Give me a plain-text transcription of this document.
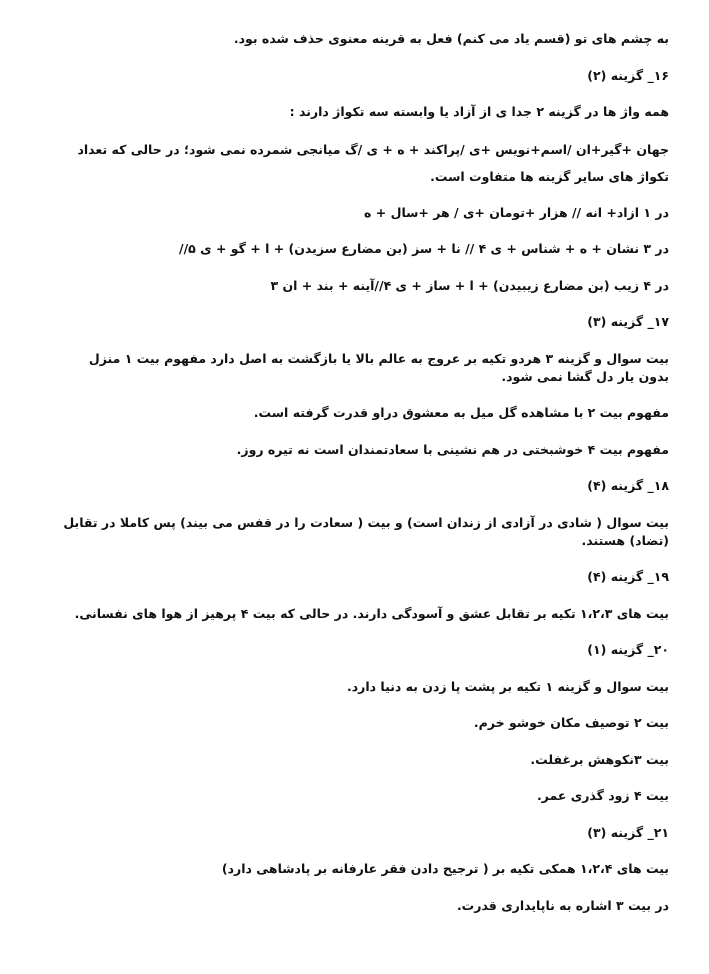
به چشم های تو (قسم یاد می کنم) فعل به قرینه معنوی حذف شده بود.

۱۶_ گزینه (۲)

همه واژ ها در گزینه ۲ جدا ی از آزاد یا وابسته سه تکواژ دارند :

جهان +گیر+ان /اسم+نویس +ی /پراکند + ه + ی /گ میانجی شمرده نمی شود؛ در حالی که تعداد تکواژ های سایر گزینه ها متفاوت است.

در ۱ ازاد+ انه // هزار +تومان +ی / هر +سال + ه

در ۳ نشان + ه + شناس + ی ۴ // نا + سز (بن مضارع سزیدن) + ا + گو + ی ۵//

در ۴ زیب (بن مضارع زیبیدن) + ا + ساز + ی ۴//آینه + بند + ان ۳

۱۷_ گزینه (۳)

بیت سوال و گزینه ۳ هردو تکیه بر عروج به عالم بالا یا بازگشت به اصل دارد مفهوم بیت ۱ منزل بدون یار دل گشا نمی شود.

مفهوم بیت ۲ با مشاهده گل میل به معشوق دراو قدرت گرفته است.

مفهوم بیت ۴ خوشبختی در هم نشینی با سعادتمندان است نه تیره روز.

۱۸_ گزینه (۴)

بیت سوال ( شادی در آزادی از زندان است) و بیت ( سعادت را در قفس می بیند) پس کاملا در تقابل (تضاد) هستند.

۱۹_ گزینه (۴)

بیت های ۱،۲،۳ تکیه بر تقابل عشق و آسودگی دارند. در حالی که بیت ۴ پرهیز از هوا های نفسانی.

۲۰_ گزینه (۱)

بیت سوال و گزینه ۱ تکیه بر پشت پا زدن به دنیا دارد.

بیت ۲ توصیف مکان خوشو خرم.

بیت ۳نکوهش برغفلت.

بیت ۴ زود گذری عمر.

۲۱_ گزینه (۳)

بیت های ۱،۲،۴ همکی تکیه بر ( ترجیح دادن فقر عارفانه بر پادشاهی دارد)

در بیت ۳ اشاره به ناپایداری قدرت.
